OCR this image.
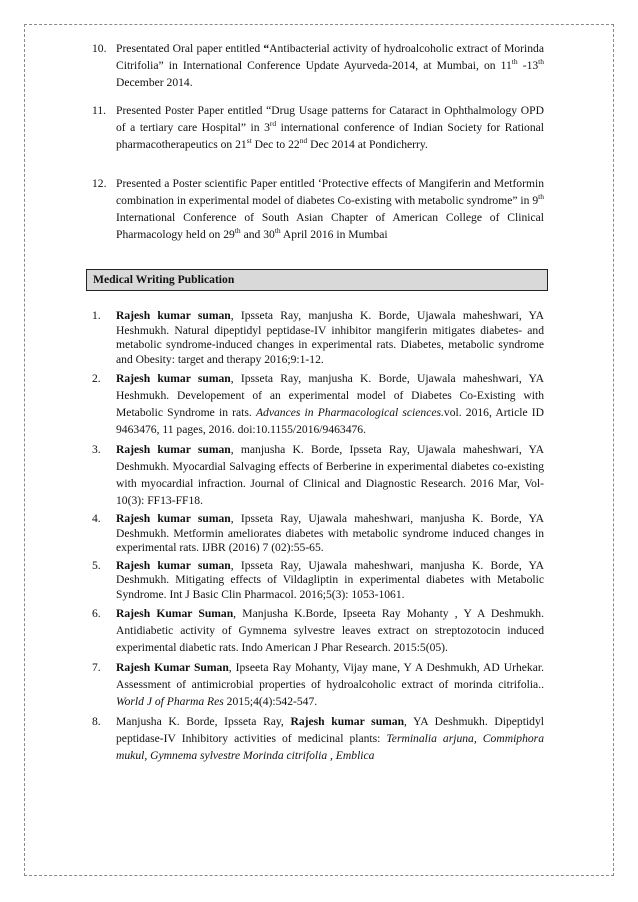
10. Presentated Oral paper entitled “Antibacterial activity of hydroalcoholic extract of Morinda Citrifolia” in International Conference Update Ayurveda-2014, at Mumbai, on 11th -13th December 2014.
11. Presented Poster Paper entitled “Drug Usage patterns for Cataract in Ophthalmology OPD of a tertiary care Hospital” in 3rd international conference of Indian Society for Rational pharmacotherapeutics on 21st Dec to 22nd Dec 2014 at Pondicherry.
12. Presented a Poster scientific Paper entitled ‘Protective effects of Mangiferin and Metformin combination in experimental model of diabetes Co-existing with metabolic syndrome” in 9th International Conference of South Asian Chapter of American College of Clinical Pharmacology held on 29th and 30th April 2016 in Mumbai
Medical Writing Publication
1.	Rajesh kumar suman, Ipsseta Ray, manjusha K. Borde, Ujawala maheshwari, YA Heshmukh. Natural dipeptidyl peptidase-IV inhibitor mangiferin mitigates diabetes- and metabolic syndrome-induced changes in experimental rats. Diabetes, metabolic syndrome and Obesity: target and therapy 2016;9:1-12.
2.	Rajesh kumar suman, Ipsseta Ray, manjusha K. Borde, Ujawala maheshwari, YA Heshmukh. Developement of an experimental model of Diabetes Co-Existing with Metabolic Syndrome in rats. Advances in Pharmacological sciences.vol. 2016, Article ID 9463476, 11 pages, 2016. doi:10.1155/2016/9463476.
3.	Rajesh kumar suman, manjusha K. Borde, Ipsseta Ray, Ujawala maheshwari, YA Deshmukh. Myocardial Salvaging effects of Berberine in experimental diabetes co-existing with myocardial infraction. Journal of Clinical and Diagnostic Research. 2016 Mar, Vol-10(3): FF13-FF18.
4.	Rajesh kumar suman, Ipsseta Ray, Ujawala maheshwari, manjusha K. Borde, YA Deshmukh. Metformin ameliorates diabetes with metabolic syndrome induced changes in experimental rats. IJBR (2016) 7 (02):55-65.
5.	Rajesh kumar suman, Ipsseta Ray, Ujawala maheshwari, manjusha K. Borde, YA Deshmukh. Mitigating effects of Vildagliptin in experimental diabetes with Metabolic Syndrome. Int J Basic Clin Pharmacol. 2016;5(3): 1053-1061.
6.	Rajesh Kumar Suman, Manjusha K.Borde, Ipseeta Ray Mohanty , Y A Deshmukh. Antidiabetic activity of Gymnema sylvestre leaves extract on streptozotocin induced experimental diabetic rats. Indo American J Phar Research. 2015:5(05).
7.	Rajesh Kumar Suman, Ipseeta Ray Mohanty, Vijay mane, Y A Deshmukh, AD Urhekar. Assessment of antimicrobial properties of hydroalcoholic extract of morinda citrifolia.. World J of Pharma Res 2015;4(4):542-547.
8.	Manjusha K. Borde, Ipsseta Ray, Rajesh kumar suman, YA Deshmukh. Dipeptidyl peptidase-IV Inhibitory activities of medicinal plants: Terminalia arjuna, Commiphora mukul, Gymnema sylvestre Morinda citrifolia , Emblica
